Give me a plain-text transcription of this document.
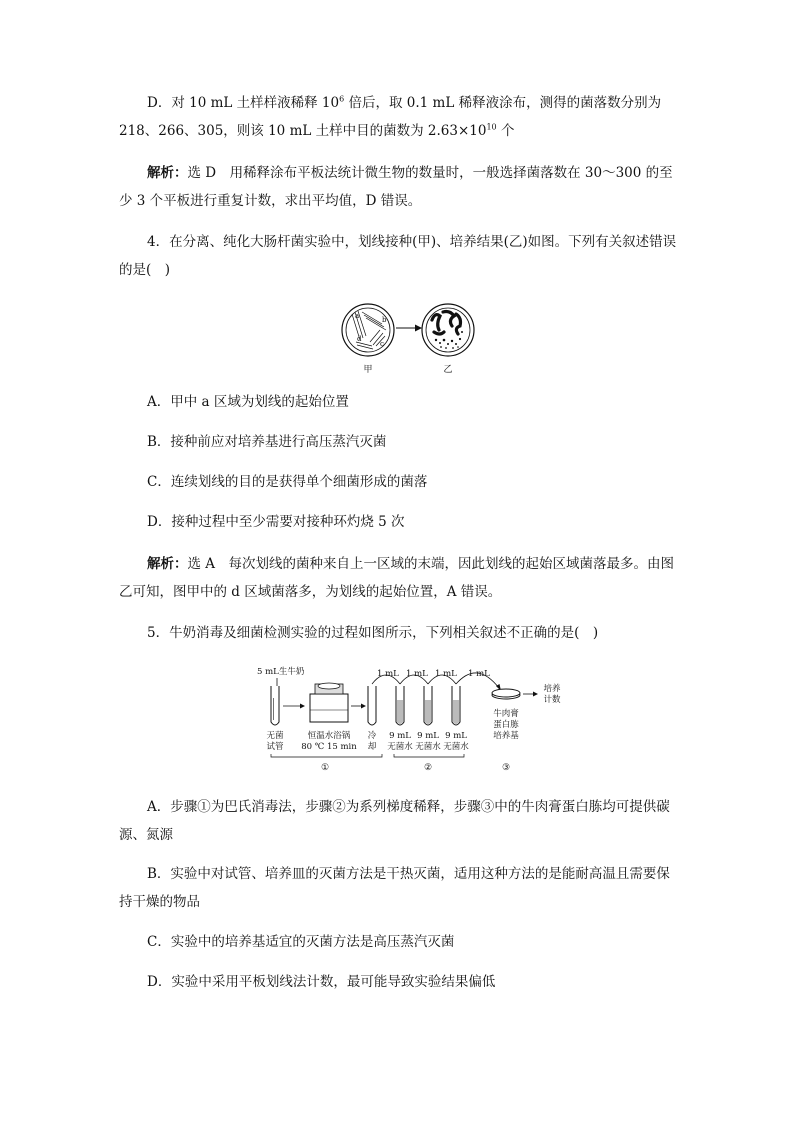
D．对 10 mL 土样样液稀释 $10^6$ 倍后，取 0.1 mL 稀释液涂布，测得的菌落数分别为 218、266、305，则该 10 mL 土样中目的菌数为 $2.63\times 10^{10}$ 个

解析：选 D　用稀释涂布平板法统计微生物的数量时，一般选择菌落数在 30～300 的至少 3 个平板进行重复计数，求出平均值，D 错误。

4．在分离、纯化大肠杆菌实验中，划线接种(甲)、培养结果(乙)如图。下列有关叙述错误的是(　)

a	b
c
d
甲	乙

A．甲中 a 区域为划线的起始位置

B．接种前应对培养基进行高压蒸汽灭菌

C．连续划线的目的是获得单个细菌形成的菌落

D．接种过程中至少需要对接种环灼烧 5 次

解析：选 A　每次划线的菌种来自上一区域的末端，因此划线的起始区域菌落最多。由图乙可知，图甲中的 d 区域菌落多，为划线的起始位置，A 错误。

5．牛奶消毒及细菌检测实验的过程如图所示，下列相关叙述不正确的是(　)

5 mL生牛奶	1 mL 1 mL 1 mL 1 mL
无菌
试管
恒温水浴锅
80 ℃ 15 min
冷
却
9 mL
无菌水
9 mL
无菌水
9 mL
无菌水
牛肉膏
蛋白胨
培养基
培养
计数
①	②	③

A．步骤①为巴氏消毒法，步骤②为系列梯度稀释，步骤③中的牛肉膏蛋白胨均可提供碳源、氮源

B．实验中对试管、培养皿的灭菌方法是干热灭菌，适用这种方法的是能耐高温且需要保持干燥的物品

C．实验中的培养基适宜的灭菌方法是高压蒸汽灭菌

D．实验中采用平板划线法计数，最可能导致实验结果偏低
